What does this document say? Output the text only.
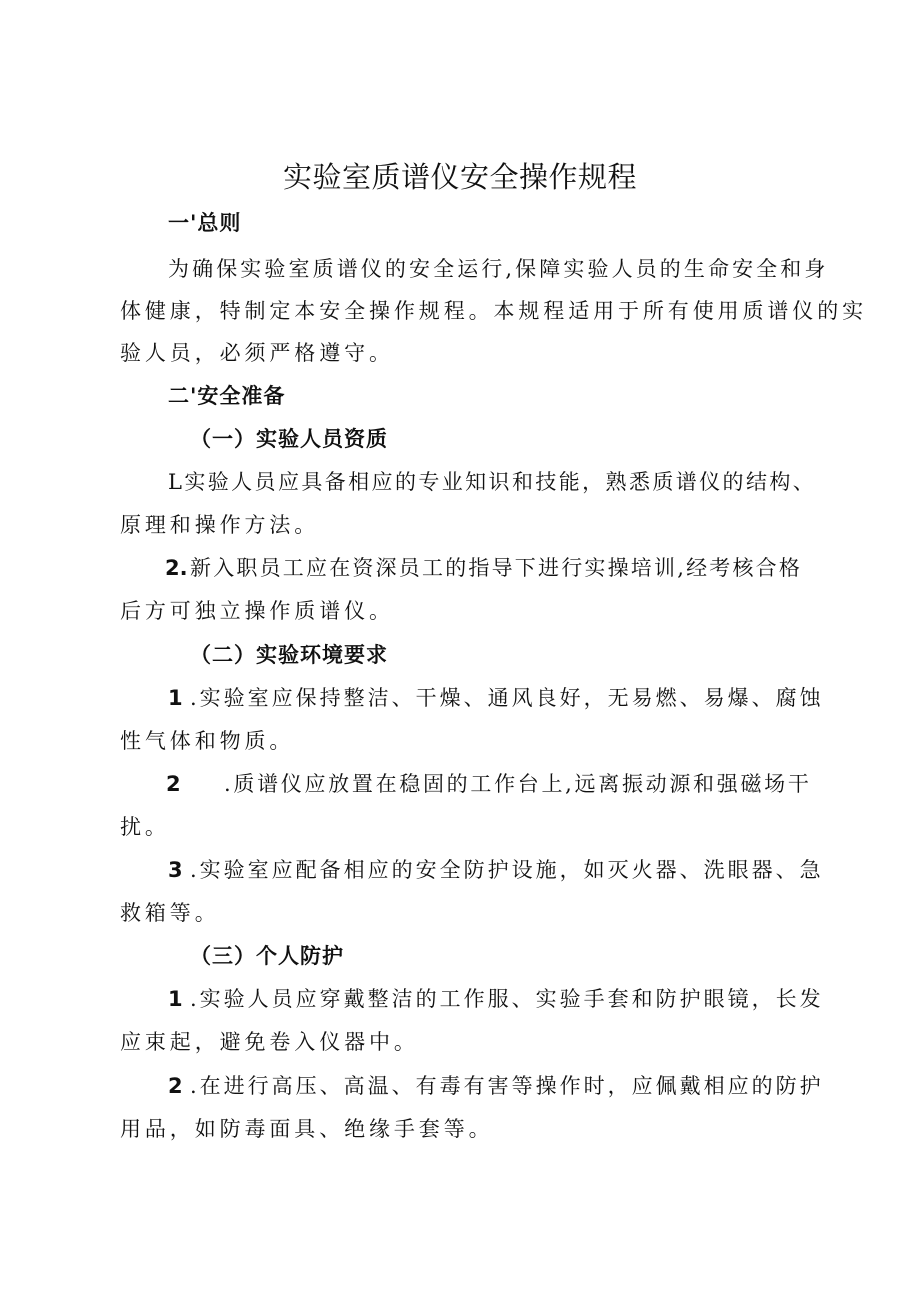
实验室质谱仪安全操作规程
一'总则
为确保实验室质谱仪的安全运行,保障实验人员的生命安全和身
体健康，特制定本安全操作规程。本规程适用于所有使用质谱仪的实
验人员，必须严格遵守。
二'安全准备
（一）实验人员资质
L实验人员应具备相应的专业知识和技能，熟悉质谱仪的结构、
原理和操作方法。
2. 新入职员工应在资深员工的指导下进行实操培训,经考核合格
后方可独立操作质谱仪。
（二）实验环境要求
1 .实验室应保持整洁、干燥、通风良好，无易燃、易爆、腐蚀
性气体和物质。
2 .质谱仪应放置在稳固的工作台上,远离振动源和强磁场干
扰。
3 .实验室应配备相应的安全防护设施，如灭火器、洗眼器、急
救箱等。
（三）个人防护
1 .实验人员应穿戴整洁的工作服、实验手套和防护眼镜，长发
应束起，避免卷入仪器中。
2 .在进行高压、高温、有毒有害等操作时，应佩戴相应的防护
用品，如防毒面具、绝缘手套等。
